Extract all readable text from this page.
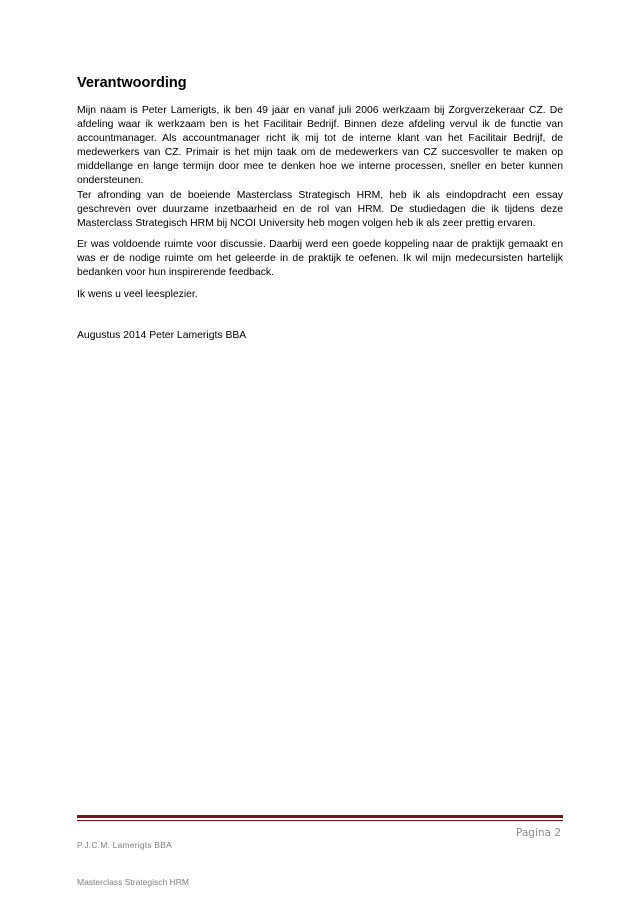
Verantwoording

Mijn naam is Peter Lamerigts, ik ben 49 jaar en vanaf juli 2006 werkzaam bij Zorgverzekeraar CZ. De afdeling waar ik werkzaam ben is het Facilitair Bedrijf. Binnen deze afdeling vervul ik de functie van accountmanager. Als accountmanager richt ik mij tot de interne klant van het Facilitair Bedrijf, de medewerkers van CZ. Primair is het mijn taak om de medewerkers van CZ succesvoller te maken op middellange en lange termijn door mee te denken hoe we interne processen, sneller en beter kunnen ondersteunen.

Ter afronding van de boeiende Masterclass Strategisch HRM, heb ik als eindopdracht een essay geschreven over duurzame inzetbaarheid en de rol van HRM. De studiedagen die ik tijdens deze Masterclass Strategisch HRM bij NCOI University heb mogen volgen heb ik als zeer prettig ervaren.

Er was voldoende ruimte voor discussie. Daarbij werd een goede koppeling naar de praktijk gemaakt en was er de nodige ruimte om het geleerde in de praktijk te oefenen. Ik wil mijn medecursisten hartelijk bedanken voor hun inspirerende feedback.

Ik wens u veel leesplezier.

Augustus 2014 Peter Lamerigts BBA

Pagina 2
P.J.C.M. Lamerigts BBA
Masterclass Strategisch HRM
